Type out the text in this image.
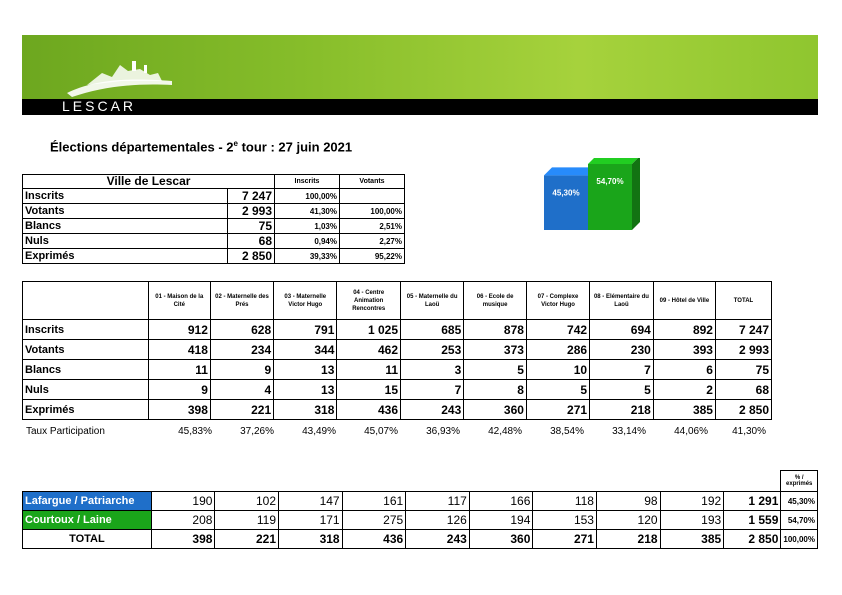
LESCAR
Élections départementales - 2e tour : 27 juin 2021
Ville de Lescar		Inscrits	Votants
Inscrits	7 247	100,00%	
Votants	2 993	41,30%	100,00%
Blancs	75	1,03%	2,51%
Nuls	68	0,94%	2,27%
Exprimés	2 850	39,33%	95,22%
45,30%
54,70%
	01 - Maison de la Cité	02 - Maternelle des Prés	03 - Maternelle Victor Hugo	04 - Centre Animation Rencontres	05 - Maternelle du Laoü	06 - Ecole de musique	07 - Complexe Victor Hugo	08 - Elémentaire du Laoü	09 - Hôtel de Ville	TOTAL
Inscrits	912	628	791	1 025	685	878	742	694	892	7 247
Votants	418	234	344	462	253	373	286	230	393	2 993
Blancs	11	9	13	11	3	5	10	7	6	75
Nuls	9	4	13	15	7	8	5	5	2	68
Exprimés	398	221	318	436	243	360	271	218	385	2 850
Taux Participation	45,83%	37,26%	43,49%	45,07%	36,93%	42,48%	38,54%	33,14%	44,06%	41,30%
											% / exprimés
Lafargue / Patriarche	190	102	147	161	117	166	118	98	192	1 291	45,30%
Courtoux / Laine	208	119	171	275	126	194	153	120	193	1 559	54,70%
TOTAL	398	221	318	436	243	360	271	218	385	2 850	100,00%
